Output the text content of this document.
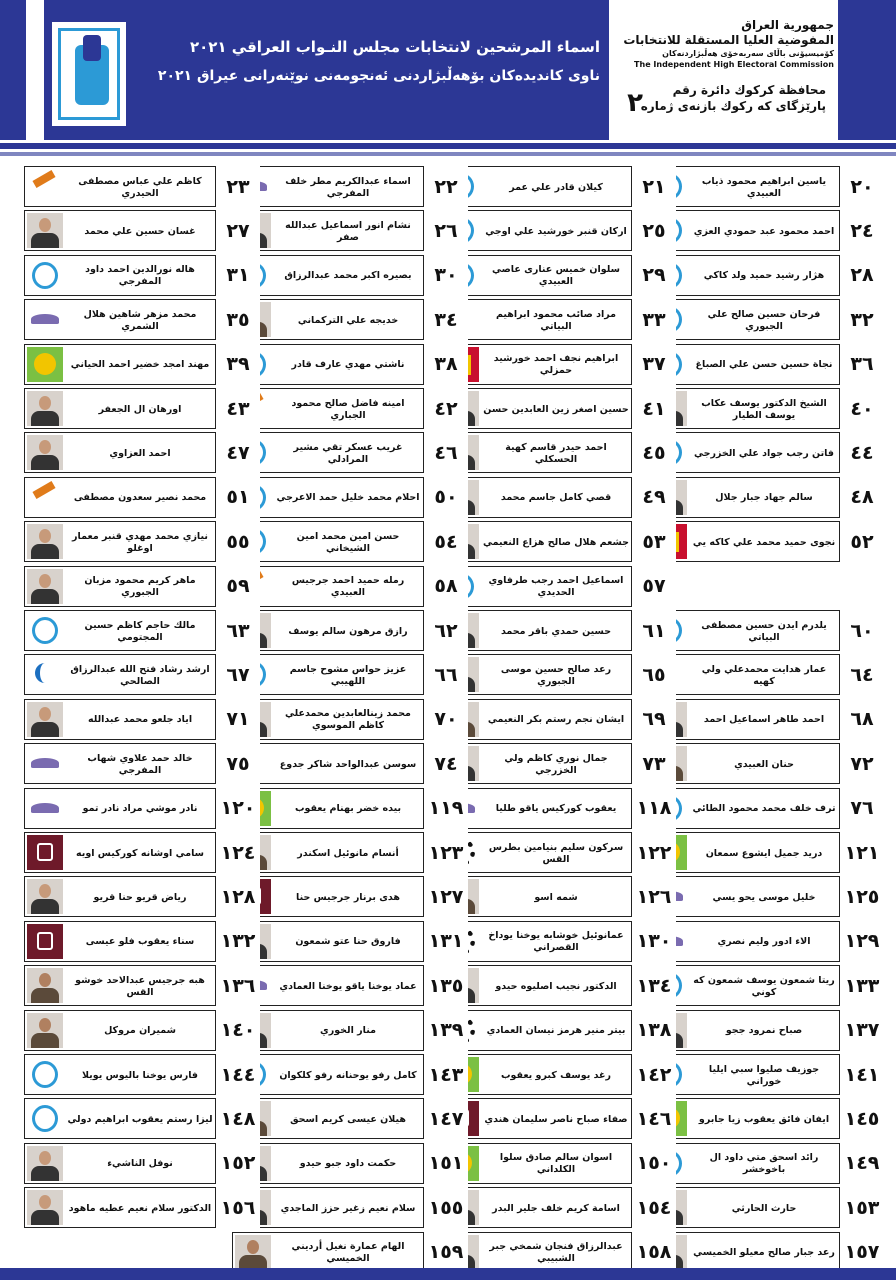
اسماء المرشحين لانتخابات مجلس النـواب العراقي ٢٠٢١
ناوی کاندیدەکان بۆهەڵبژاردنی ئەنجومەنی نوێنەرانی عیراق ٢٠٢١
جمهورية العراق
المفوضية العليا المستقلة للانتخابات
كۆمیسیۆنی باڵای سەربەخۆی هەڵبژاردنەکان
The Independent High Electoral Commission
محافظة كركوك دائرة رقم
پارێزگای كه ركوك بازنەی ژمارە
٢
ياسين ابراهيم محمود ذياب العبيدي	٢٠
كيلان قادر علي عمر	٢١
اسماء عبدالكريم مطر خلف المفرجي	٢٢
كاظم علي عباس مصطفى الحيدري	٢٣
احمد محمود عبد حمودي العزي ٢٤
اركان قنبر خورشيد علي اوجي ٢٥
نشام انور اسماعيل عبدالله صفر	٢٦
غسان حسين علي محمد	٢٧
هژار رشيد حميد ولد كاكي	٢٨
سلوان خميس عنارى عاصي العبيدي	٢٩
بصيره اكبر محمد عبدالرزاق	٣٠
هاله نورالدين احمد داود المفرجي	٣١
فرحان حسين صالح علي الجبوري	٣٢
مراد صائب محمود ابراهيم البياتي	٣٣
خديجه علي التركماني	٣٤
محمد مزهر شاهين هلال الشمري	٣٥
نجاة حسين حسن علي الصباغ ٣٦
ابراهيم نجف احمد خورشيد حمزلي	٣٧
ناشتي مهدي عارف قادر	٣٨
مهند امجد خضير احمد الحياني ٣٩
الشيخ الدكتور يوسف عكاب يوسف الطيار	٤٠
حسين اصغر زين العابدين حسن ٤١
امينه فاضل صالح محمود الجباري	٤٢
اورهان ال الجعفر	٤٣
فاتن رجب جواد علي الخزرجي ٤٤
احمد حيدر قاسم كهية الحسكلي	٤٥
غريب عسكر تقي مشير المرادلي	٤٦
احمد العزاوي	٤٧
سالم جهاد جبار جلال	٤٨
قصي كامل جاسم محمد	٤٩
احلام محمد خليل حمد الاعرجي ٥٠
محمد نصير سعدون مصطفى	٥١
نجوى حميد محمد علي كاكه يي ٥٢
جشعم هلال صالح هزاع النعيمي ٥٣
حسن امين محمد امين الشيخاني	٥٤
نيازي محمد مهدي قنبر معمار اوغلو	٥٥
اسماعيل احمد رجب طرفاوي الحديدي	٥٧
رمله حميد احمد جرجيس العبيدي	٥٨
ماهر كريم محمود مزبان الجبوري	٥٩
يلدرم ايدن حسين مصطفى البياتي	٦٠
حسين حمدي باقر محمد	٦١
رازق مرهون سالم يوسف	٦٢
مالك حاجم كاظم حسين المجتومي	٦٣
عمار هدايت محمدعلي ولي كهيه	٦٤
رعد صالح حسين موسى الجبوري	٦٥
عزيز حواس مشوح جاسم اللهيبي	٦٦
ارشد رشاد فتح الله عبدالرزاق الصالحي	٦٧
احمد طاهر اسماعيل احمد	٦٨
ايشان نجم رستم بكر النعيمي ٦٩
محمد زينالعابدين محمدعلي كاظم الموسوي	٧٠
اياد جلعو محمد عبدالله	٧١
حنان العبيدي	٧٢
جمال نوري كاظم ولي الخزرجي	٧٣
سوسن عبدالواحد شاكر جدوع ٧٤
خالد حمد علاوي شهاب المفرجي	٧٥
ترف خلف محمد محمود الطائي ٧٦
يعقوب كوركيس ياقو طليا	١١٨
بيده خضر بهنام يعقوب	١١٩
نادر موشي مراد نادر تمو	١٢٠
دريد جميل ايشوع سمعان	١٢١
سركون سليم بنيامين بطرس القس	١٢٢
أنسام مانوئيل اسكندر	١٢٣
سامي اوشانه كوركيس اويه ١٢٤
خليل موسى يحو يسي	١٢٥
شمه اسو	١٢٦
هدى برنار جرجيس حنا	١٢٧
رياض قريو حنا قريو	١٢٨
الاء ادور وليم نصري	١٢٩
عمانوئيل خوشابه يوخنا يوداخ القصراني	١٣٠
فاروق حنا عتو شمعون	١٣١
سناء يعقوب فلو عيسى	١٣٢
ريتا شمعون يوسف شمعون كه كوني	١٣٣
الدكتور نجيب اصليوه حيدو	١٣٤
عماد يوخنا ياقو يوخنا العمادي ١٣٥
هبه جرجيس عبدالاحد خوشو القس	١٣٦
صباح نمرود ججو	١٣٧
بيتر منير هرمز نيسان العمادي ١٣٨
منار الخوري	١٣٩
شميران مروكل	١٤٠
جوزيف صليوا سبي ايليا خوراني	١٤١
رغد يوسف كبرو يعقوب	١٤٢
كامل رفو يوحنانه رفو كلكوان ١٤٣
فارس يوخنا باليوس يويلا	١٤٤
ايفان فائق يعقوب زيا جابرو ١٤٥
صفاء صباح ناصر سليمان هندي ١٤٦
هيلان عيسى كريم اسحق	١٤٧
ليزا رستم يعقوب ابراهيم دولي ١٤٨
رائد اسحق متي داود ال باخوخشر	١٤٩
اسوان سالم صادق سلوا الكلداني	١٥٠
حكمت داود جبو حيدو	١٥١
نوفل الناشيء	١٥٢
حارث الحارثي	١٥٣
اسامة كريم خلف جلير البدر ١٥٤
سلام نعيم زغير حزز الماجدي ١٥٥
الدكتور سلام نعيم عطيه ماهود ١٥٦
رعد جبار صالح معيلو الخميسي ١٥٧
عبدالرزاق فنجان شمخي جبر الشبيبي	١٥٨
الهام عمارة نغيل أرديني الخميسي	١٥٩
